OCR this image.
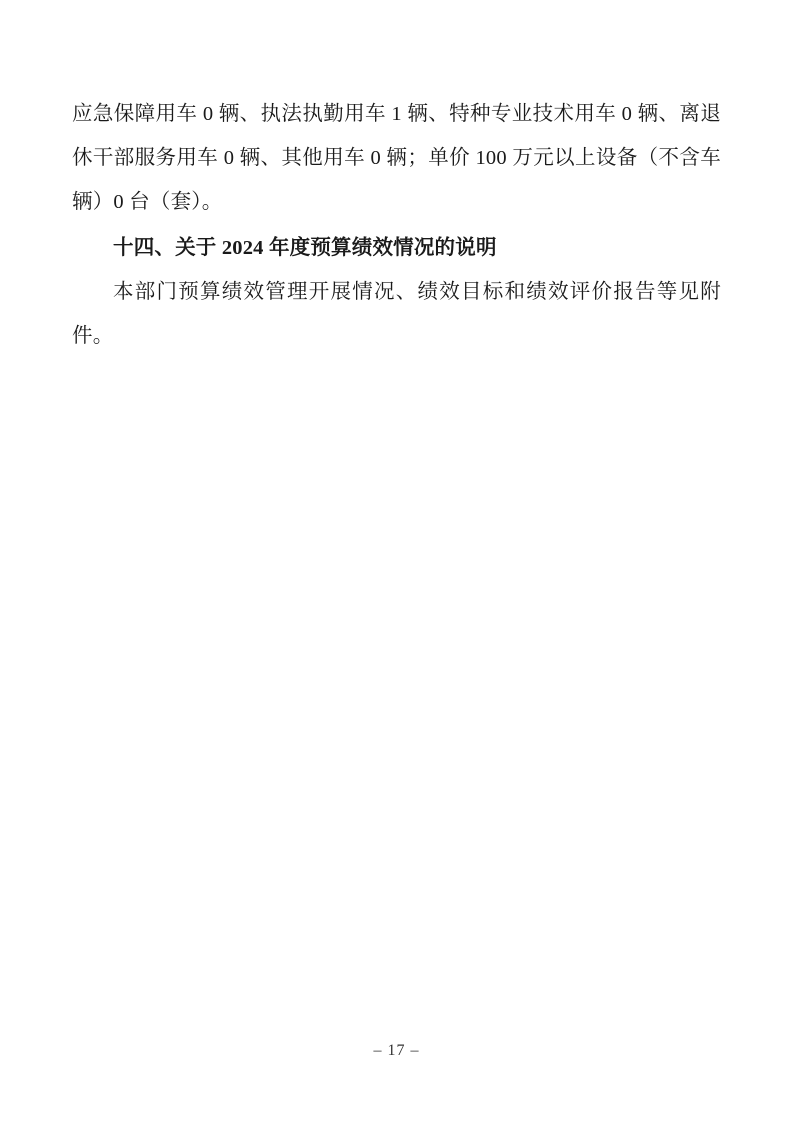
应急保障用车 0 辆、执法执勤用车 1 辆、特种专业技术用车 0 辆、离退休干部服务用车 0 辆、其他用车 0 辆；单价 100 万元以上设备（不含车辆）0 台（套）。

十四、关于 2024 年度预算绩效情况的说明

本部门预算绩效管理开展情况、绩效目标和绩效评价报告等见附件。

– 17 –
